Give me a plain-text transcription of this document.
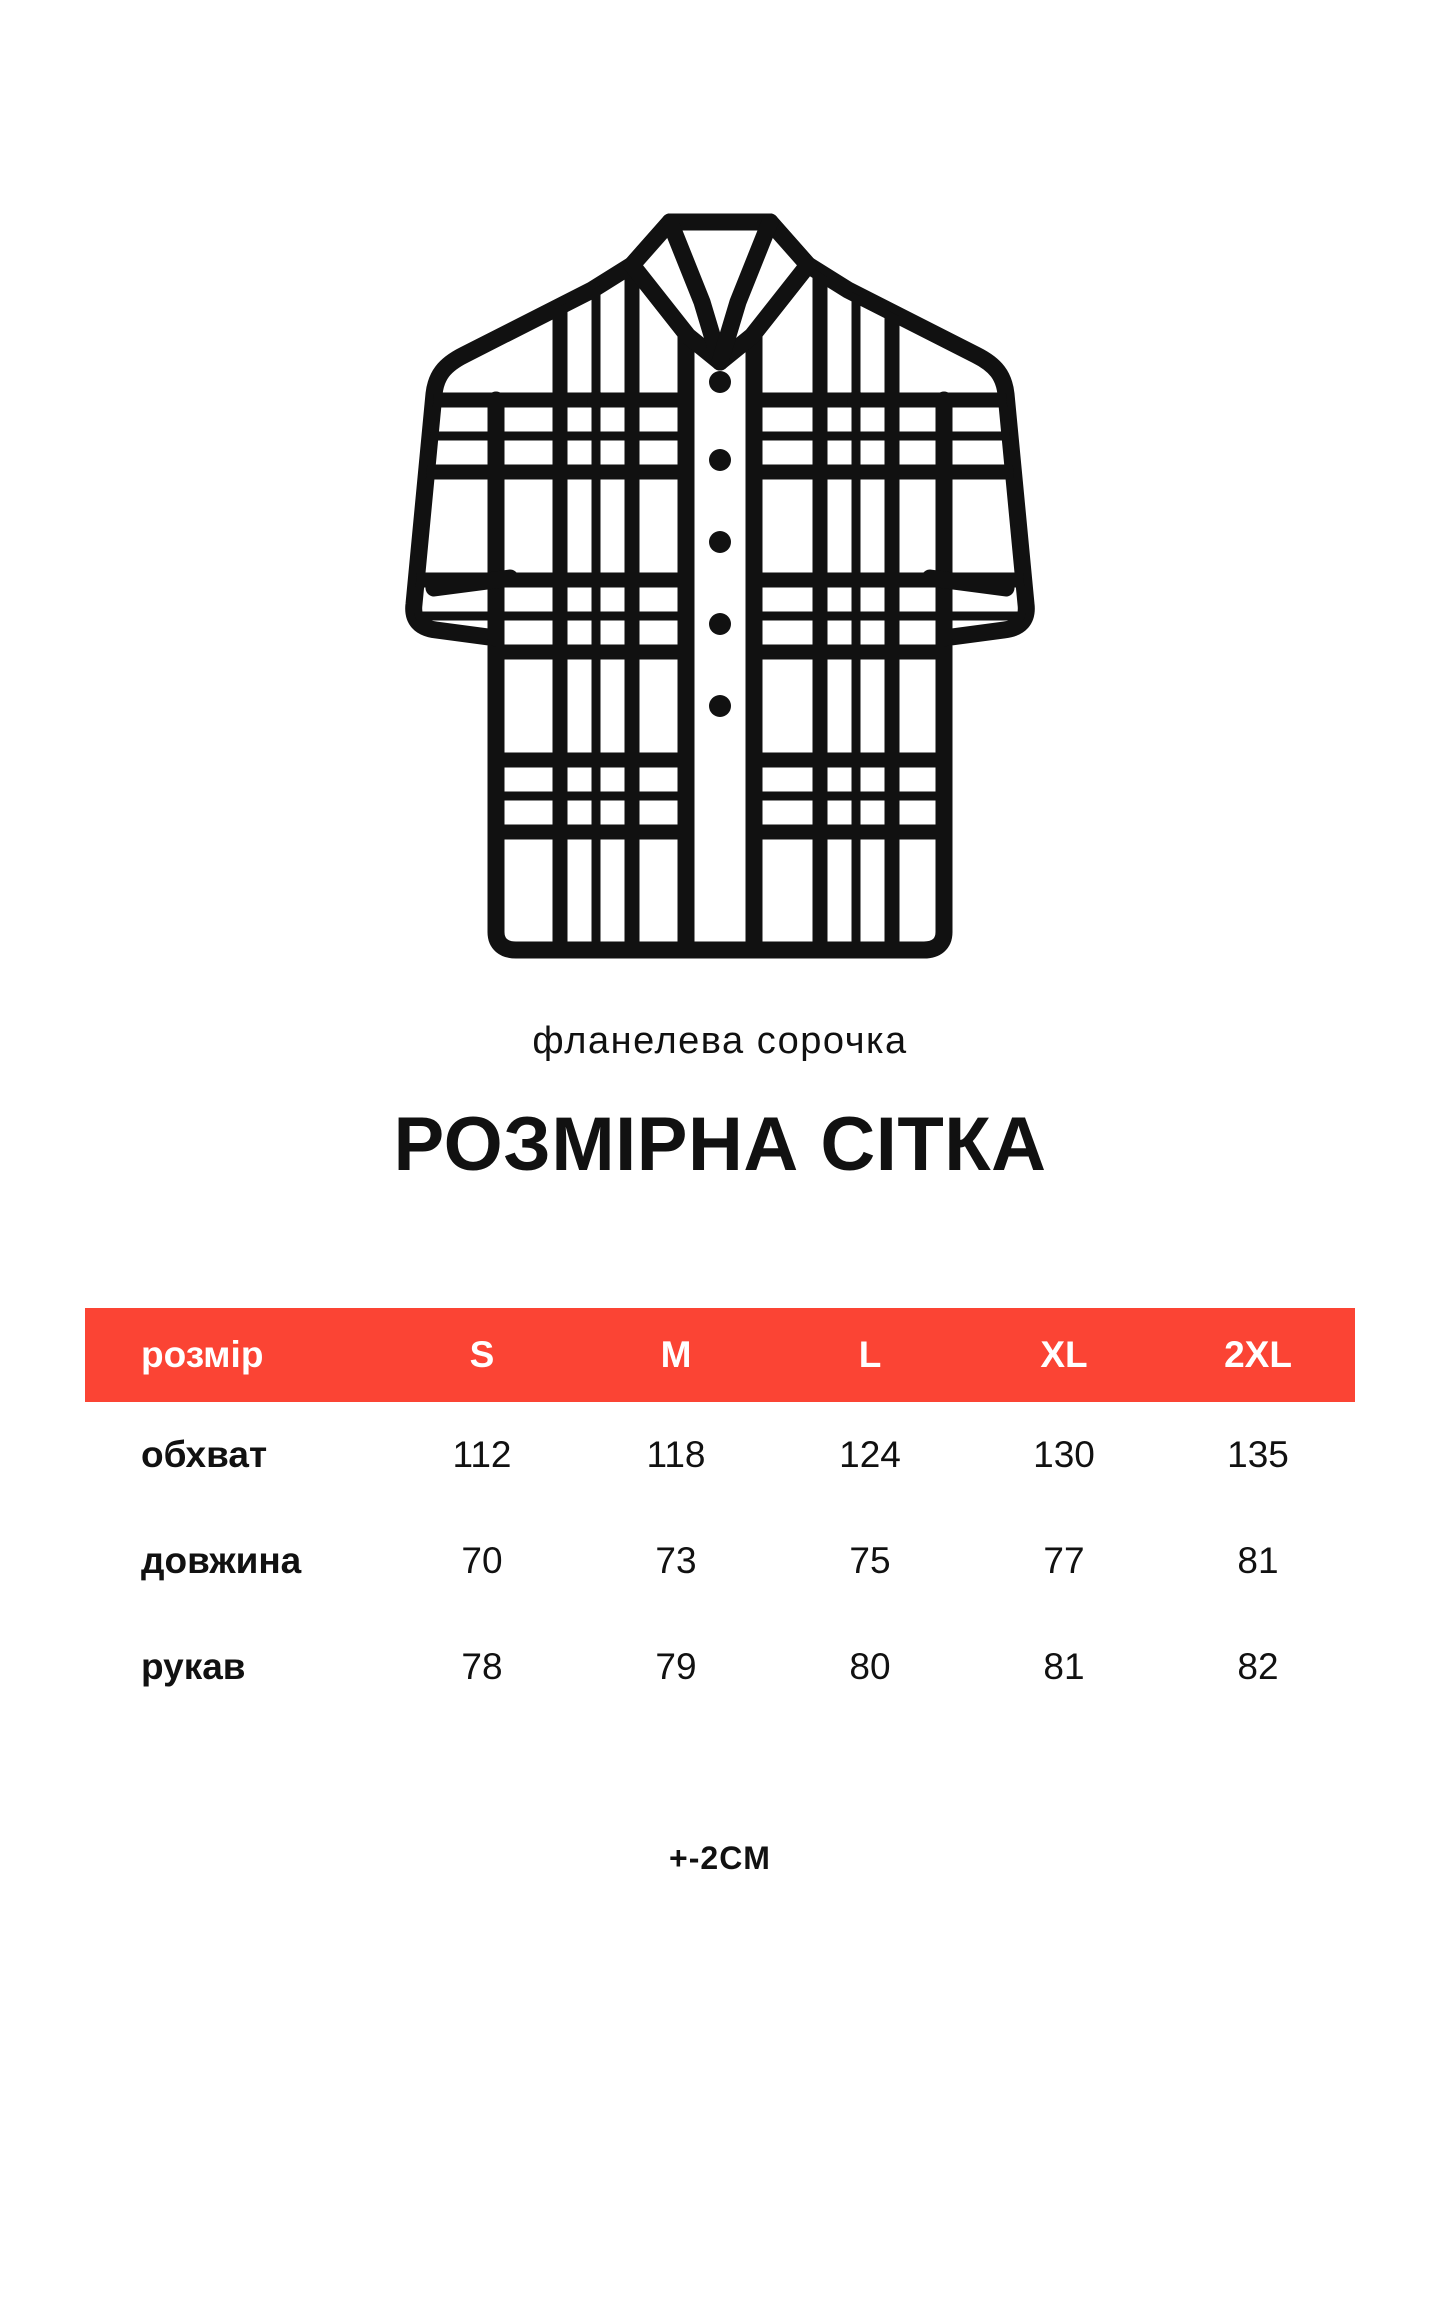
фланелева сорочка
РОЗМІРНА СІТКА
розмір	S	M	L	XL	2XL
обхват	112	118	124	130	135
довжина	70	73	75	77	81
рукав	78	79	80	81	82
+-2CM
